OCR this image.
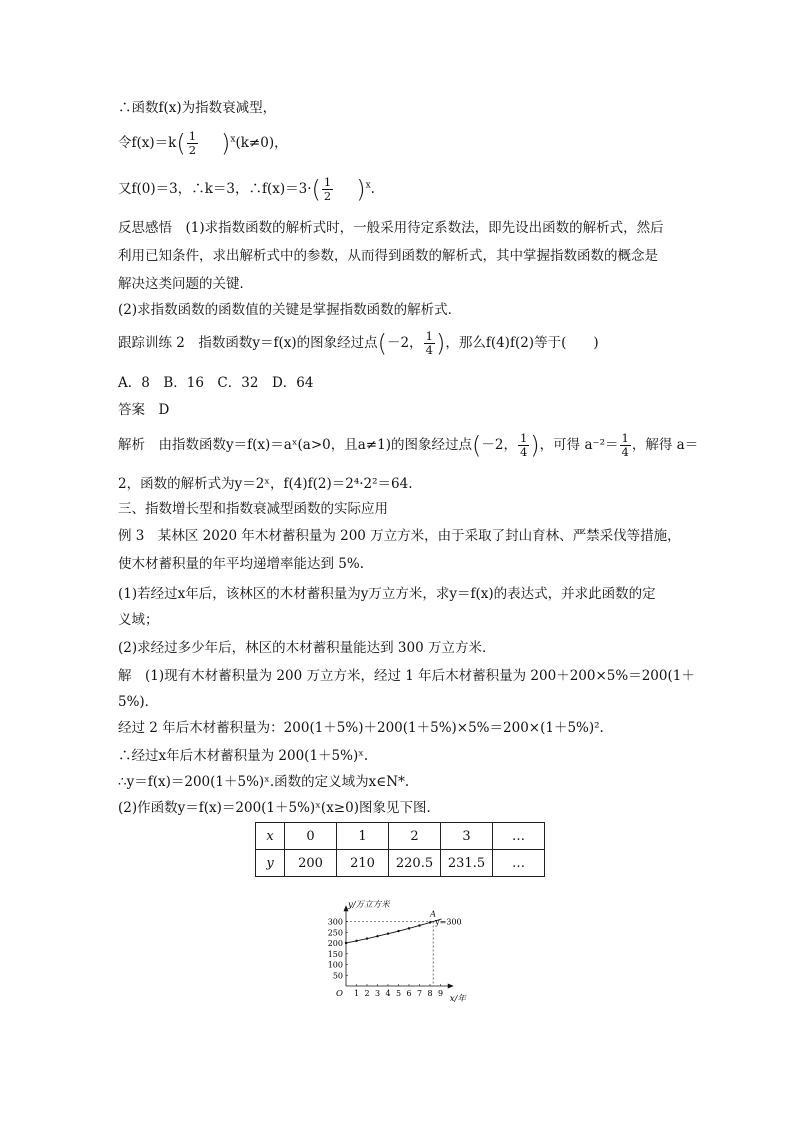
∴函数f(x)为指数衰减型，
令$f(x)=k( \frac{1}{2} )^x(k\ne 0)$，
又f(0)＝3，∴k＝3，∴f(x)＝3·( $\frac{1}{2} )^x$.
反思感悟　(1)求指数函数的解析式时，一般采用待定系数法，即先设出函数的解析式，然后
利用已知条件，求出解析式中的参数，从而得到函数的解析式，其中掌握指数函数的概念是
解决这类问题的关键．
(2)求指数函数的函数值的关键是掌握指数函数的解析式．
跟踪训练 2　指数函数y＝f(x)的图象经过点(－2， $\frac{1}{4}$ )，那么f(4)f(2)等于(　　)
A．8　B．16　C．32　D．64
答案　D
解析　由指数函数y＝f(x)＝aˣ(a>0，且a≠1)的图象经过点(－2， $\frac{1}{4}$ )，可得 $a^{-2}= \frac{1}{4}$ ，解得 a＝
2，函数的解析式为y＝2ˣ，f(4)f(2)＝2⁴·2²＝64.
三、指数增长型和指数衰减型函数的实际应用
例 3　某林区 2020 年木材蓄积量为 200 万立方米，由于采取了封山育林、严禁采伐等措施，
使木材蓄积量的年平均递增率能达到 5%.
(1)若经过x年后，该林区的木材蓄积量为y万立方米，求y＝f(x)的表达式，并求此函数的定
义域；
(2)求经过多少年后，林区的木材蓄积量能达到 300 万立方米．
解　(1)现有木材蓄积量为 200 万立方米，经过 1 年后木材蓄积量为 200＋200×5%＝200(1＋
5%)．
经过 2 年后木材蓄积量为：200(1＋5%)＋200(1＋5%)×5%＝200×(1＋5%)².
∴经过x年后木材蓄积量为 200(1＋5%)ˣ.
∴y＝f(x)＝200(1＋5%)ˣ.函数的定义域为x∈N*.
(2)作函数y＝f(x)＝200(1＋5%)ˣ(x≥0)图象见下图．
x	0	1	2	3	…
y	200	210	220.5	231.5	…
y/万立方米
x/年
O 1 2 3 4 5 6 7 8 9
50
100
150
200
250
300	y=300
A
